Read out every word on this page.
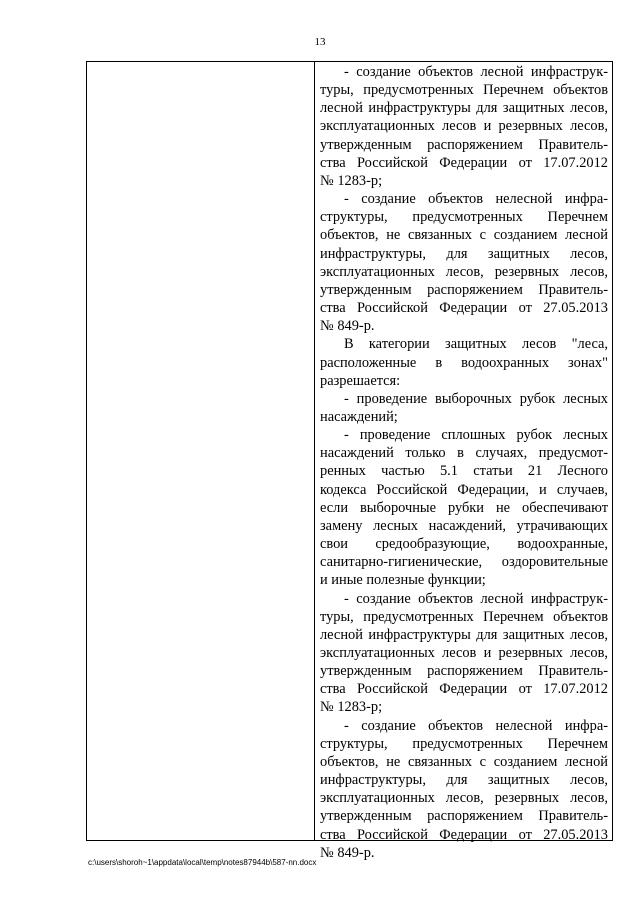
13

- создание объектов лесной инфраструк-

туры, предусмотренных Перечнем объектов

лесной инфраструктуры для защитных лесов,

эксплуатационных лесов и резервных лесов,

утвержденным распоряжением Правитель-

ства Российской Федерации от 17.07.2012

№ 1283-р;

- создание объектов нелесной инфра-

структуры, предусмотренных Перечнем

объектов, не связанных с созданием лесной

инфраструктуры, для защитных лесов,

эксплуатационных лесов, резервных лесов,

утвержденным распоряжением Правитель-

ства Российской Федерации от 27.05.2013

№ 849-р.

В категории защитных лесов "леса,

расположенные в водоохранных зонах"

разрешается:

- проведение выборочных рубок лесных

насаждений;

- проведение сплошных рубок лесных

насаждений только в случаях, предусмот-

ренных частью 5.1 статьи 21 Лесного

кодекса Российской Федерации, и случаев,

если выборочные рубки не обеспечивают

замену лесных насаждений, утрачивающих

свои средообразующие, водоохранные,

санитарно-гигиенические, оздоровительные

и иные полезные функции;

- создание объектов лесной инфраструк-

туры, предусмотренных Перечнем объектов

лесной инфраструктуры для защитных лесов,

эксплуатационных лесов и резервных лесов,

утвержденным распоряжением Правитель-

ства Российской Федерации от 17.07.2012

№ 1283-р;

- создание объектов нелесной инфра-

структуры, предусмотренных Перечнем

объектов, не связанных с созданием лесной

инфраструктуры, для защитных лесов,

эксплуатационных лесов, резервных лесов,

утвержденным распоряжением Правитель-

ства Российской Федерации от 27.05.2013

№ 849-р.

c:\users\shoroh~1\appdata\local\temp\notes87944b\587-nn.docx
